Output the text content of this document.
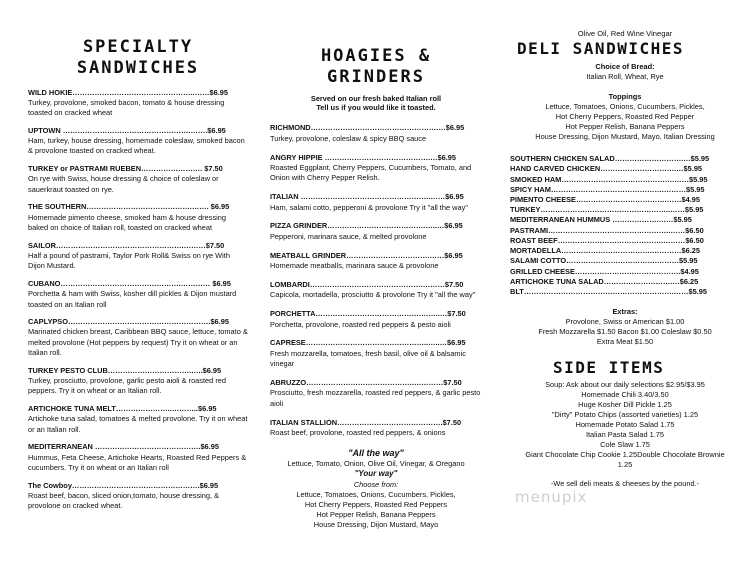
SPECIALTY

SANDWICHES

WILD HOKIE…………………………………………..……$6.95
Turkey, provolone, smoked bacon, tomato & house dressing toasted on cracked wheat

UPTOWN …………………………………………….…….$6.95
Ham, turkey, house dressing, homemade coleslaw, smoked bacon & provolone toasted on cracked wheat.

TURKEY or PASTRAMI RUEBEN……………………. $7.50
On rye with Swiss, house dressing & choice of coleslaw or sauerkraut toasted on rye.

THE SOUTHERN…………………………………….……. $6.95
Homemade pimento cheese, smoked ham & house dressing baked on choice of Italian roll, toasted on cracked wheat

SAILOR…………………………………………….………$7.50
Half a pound of pastrami, Taylor Pork Roll& Swiss on rye With Dijon Mustard.

CUBANO………………………………………….………… $6.95
Porchetta & ham with Swiss, kosher dill pickles & Dijon mustard toasted on an Italian roll

CAPLYPSO………………………………………………….$6.95
Marinated chicken breast, Caribbean BBQ sauce, lettuce, tomato & melted provolone (Hot peppers by request) Try it on wheat or an Italian roll.

TURKEY PESTO CLUB…………………………….…..$6.95
Turkey, prosciutto, provolone, garlic pesto aioli & roasted red peppers. Try it on wheat or an Italian roll.

ARTICHOKE TUNA MELT…………………..………..$6.95
Artichoke tuna salad, tomatoes & melted provolone. Try it on wheat or an Italian roll.

MEDITERRANEAN …………………………………….$6.95
Hummus, Feta Cheese, Artichoke Hearts, Roasted Red Peppers & cucumbers. Try it on wheat or an Italian roll

The Cowboy…………………………………………….$6.95
Roast beef, bacon, sliced onion,tomato, house dressing, & provolone on cracked wheat.

HOAGIES &

GRINDERS

Served on our fresh baked Italian roll

Tell us if you would like it toasted.

RICHMOND…………………………………………….…$6.95
Turkey, provolone, coleslaw & spicy BBQ sauce

ANGRY HIPPIE …………………………………….…$6.95
Roasted Eggplant, Cherry Peppers, Cucumbers, Tomato, and Onion with Cherry Pepper Relish.

ITALIAN ……………………………………………..……$6.95
Ham, salami cotto, pepperoni & provolone Try it "all the way"

PIZZA GRINDER………………………………….…..…$6.95
Pepperoni, marinara sauce, & melted provolone

MEATBALL GRINDER…………………………….……$6.95
Homemade meatballs, marinara sauce & provolone

LOMBARDI……………………………………….………$7.50
Capicola, mortadella, prosciutto & provolone Try it "all the way"

PORCHETTA…………………………………….……..…$7.50
Porchetta, provolone, roasted red peppers & pesto aioli

CAPRESE…………………………………………..…..…$6.95
Fresh mozzarella, tomatoes, fresh basil, olive oil & balsamic vinegar

ABRUZZO…………………………………….….………$7.50
Prosciutto, fresh mozzarella, roasted red peppers, & garlic pesto aioli

ITALIAN STALLION…………………………………….$7.50
Roast beef, provolone, roasted red peppers, & onions

"All the way"

Lettuce, Tomato, Onion, Olive Oil, Vinegar, & Oregano

"Your way"

Choose from:

Lettuce, Tomatoes, Onions, Cucumbers, Pickles,

Hot Cherry Peppers, Roasted Red Peppers

Hot Pepper Relish, Banana Peppers

House Dressing, Dijon Mustard, Mayo

Olive Oil, Red Wine Vinegar

DELI SANDWICHES

Choice of Bread:

Italian Roll, Wheat, Rye

Toppings

Lettuce, Tomatoes, Onions, Cucumbers, Pickles,

Hot Cherry Peppers, Roasted Red Pepper

Hot Pepper Relish, Banana Peppers

House Dressing, Dijon Mustard, Mayo, Italian Dressing

SOUTHERN CHICKEN SALAD……………………….…$5.95
HAND CARVED CHICKEN………………………….…$5.95
SMOKED HAM……………………………………….……$5.95
SPICY HAM……………………………………….………$5.95
PIMENTO CHEESE……………………………….……$4.95
TURKEY……………………………………………..……$5.95
MEDITERRANEAN HUMMUS ……………….……$5.95
PASTRAMI…………………………………………..……$6.50
ROAST BEEF…………………………………….………$6.50
MORTADELLA……………………………….…………$6.25
SALAMI COTTO……………………………….………$5.95
GRILLED CHEESE…………………………………….$4.95
ARTICHOKE TUNA SALAD……………………….…$6.25
BLT…………………………………………………….……$5.95

Extras:

Provolone, Swiss or American $1.00

Fresh Mozzarella $1.50 Bacon $1.00 Coleslaw $0.50

Extra Meat $1.50

SIDE ITEMS

Soup: Ask about our daily selections $2.95/$3.95

Homemade Chili 3.40/3.50

Huge Kosher Dill Pickle 1.25

"Dirty" Potato Chips (assorted varieties) 1.25

Homemade Potato Salad 1.75

Italian Pasta Salad 1.75

Cole Slaw 1.75

Giant Chocolate Chip Cookie 1.25Double Chocolate Brownie

1.25

-We sell deli meats & cheeses by the pound.-

menupix
